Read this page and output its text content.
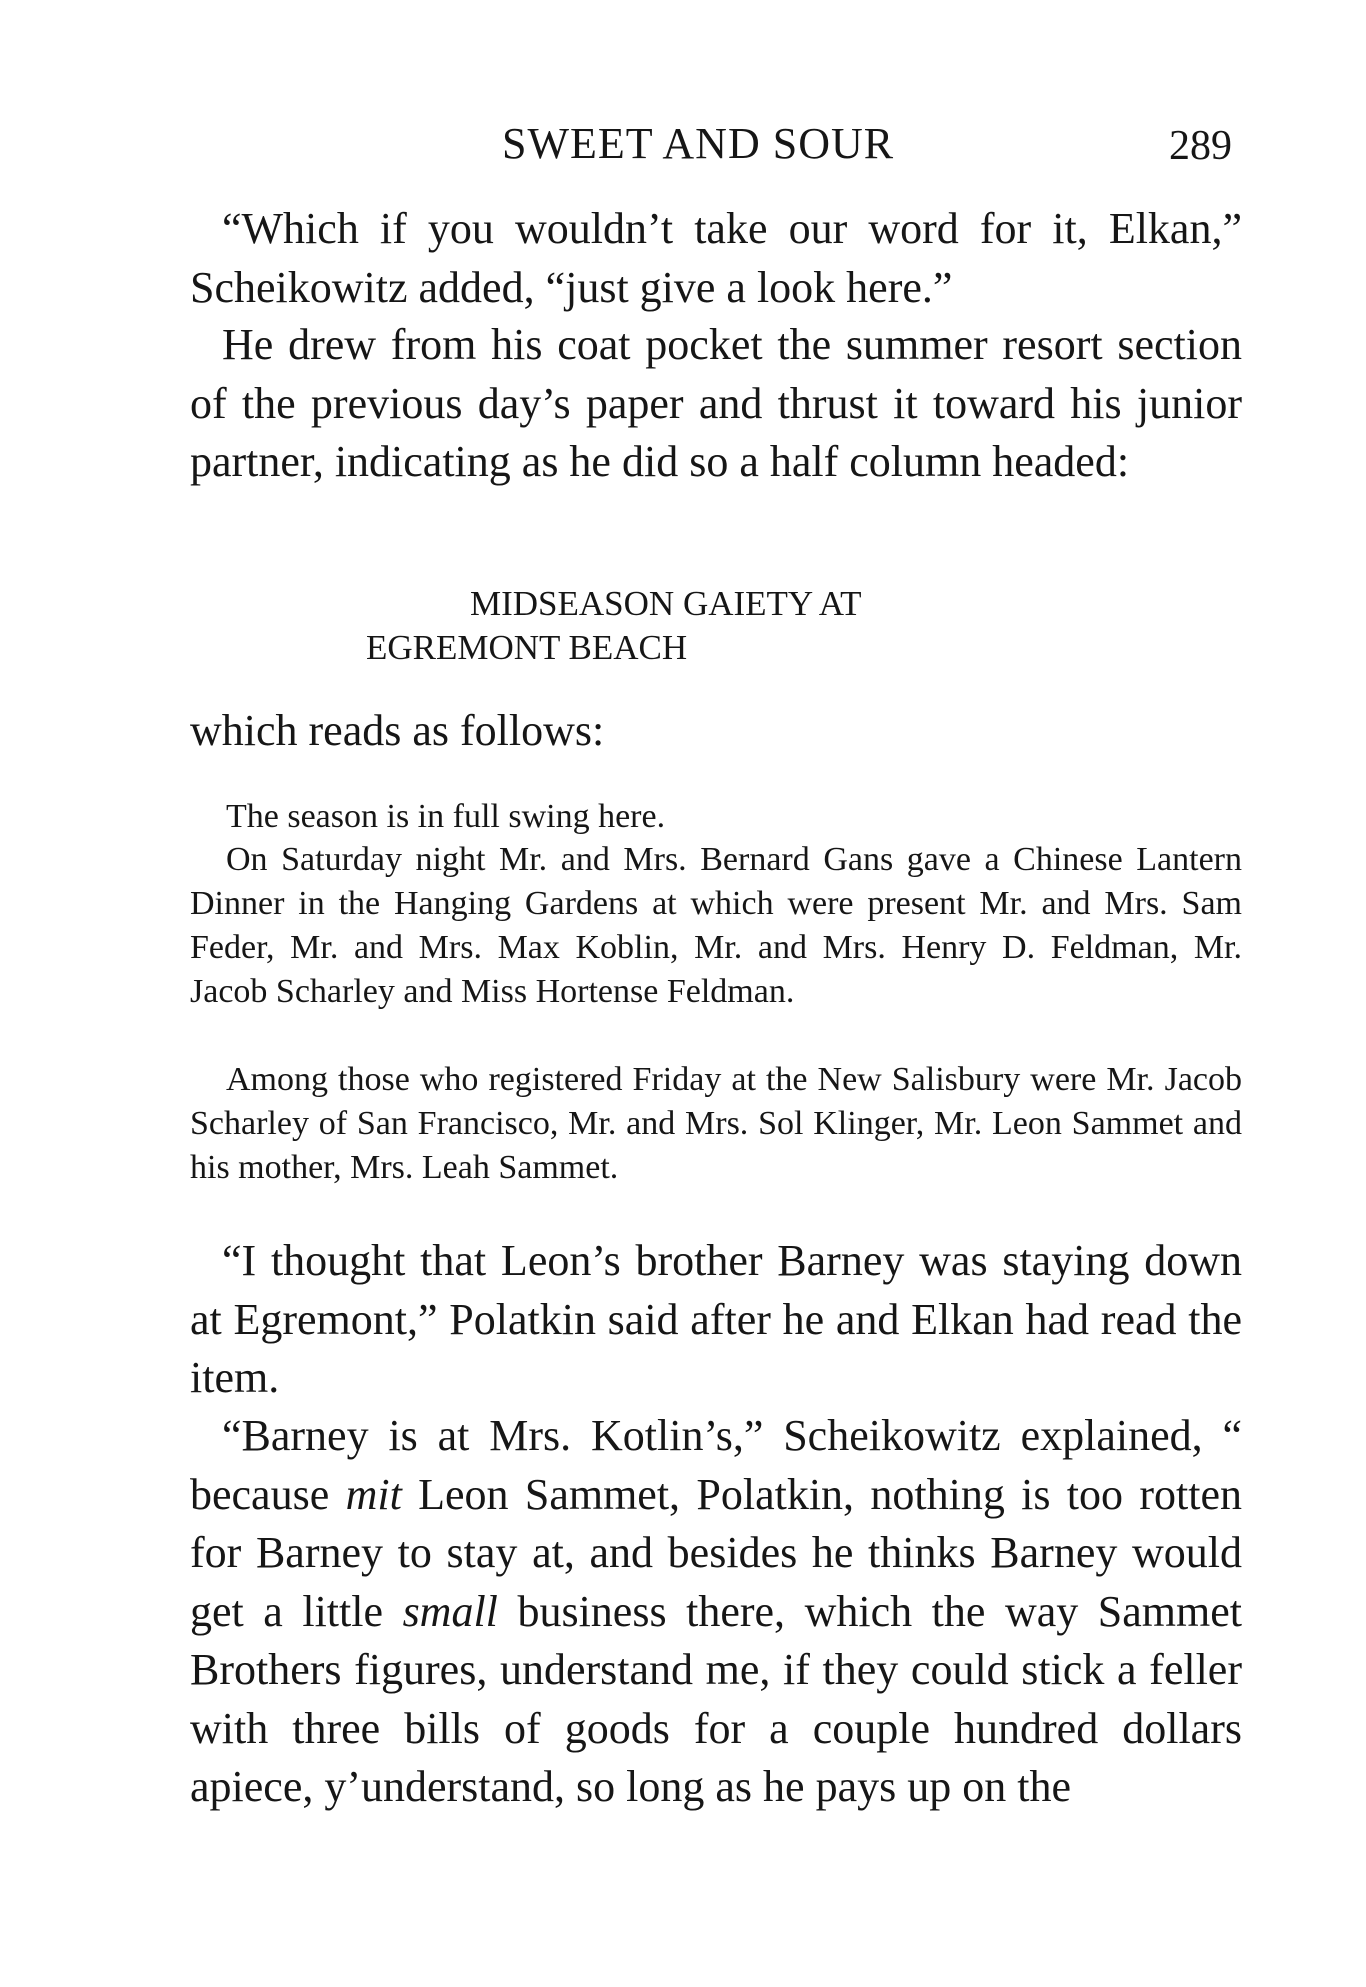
SWEET AND SOUR	289

“Which if you wouldn’t take our word for it, Elkan,” Scheikowitz added, “just give a look here.”

He drew from his coat pocket the summer resort section of the previous day’s paper and thrust it toward his junior partner, indicating as he did so a half column headed:

MIDSEASON GAIETY AT
EGREMONT BEACH

which reads as follows:

The season is in full swing here.

On Saturday night Mr. and Mrs. Bernard Gans gave a Chinese Lantern Dinner in the Hanging Gardens at which were present Mr. and Mrs. Sam Feder, Mr. and Mrs. Max Koblin, Mr. and Mrs. Henry D. Feldman, Mr. Jacob Scharley and Miss Hortense Feldman.

Among those who registered Friday at the New Salisbury were Mr. Jacob Scharley of San Francisco, Mr. and Mrs. Sol Klinger, Mr. Leon Sammet and his mother, Mrs. Leah Sammet.

“I thought that Leon’s brother Barney was staying down at Egremont,” Polatkin said after he and Elkan had read the item.

“Barney is at Mrs. Kotlin’s,” Scheikowitz explained, “ because mit Leon Sammet, Polatkin, nothing is too rotten for Barney to stay at, and besides he thinks Barney would get a little small business there, which the way Sammet Brothers figures, understand me, if they could stick a feller with three bills of goods for a couple hundred dollars apiece, y’understand, so long as he pays up on the
